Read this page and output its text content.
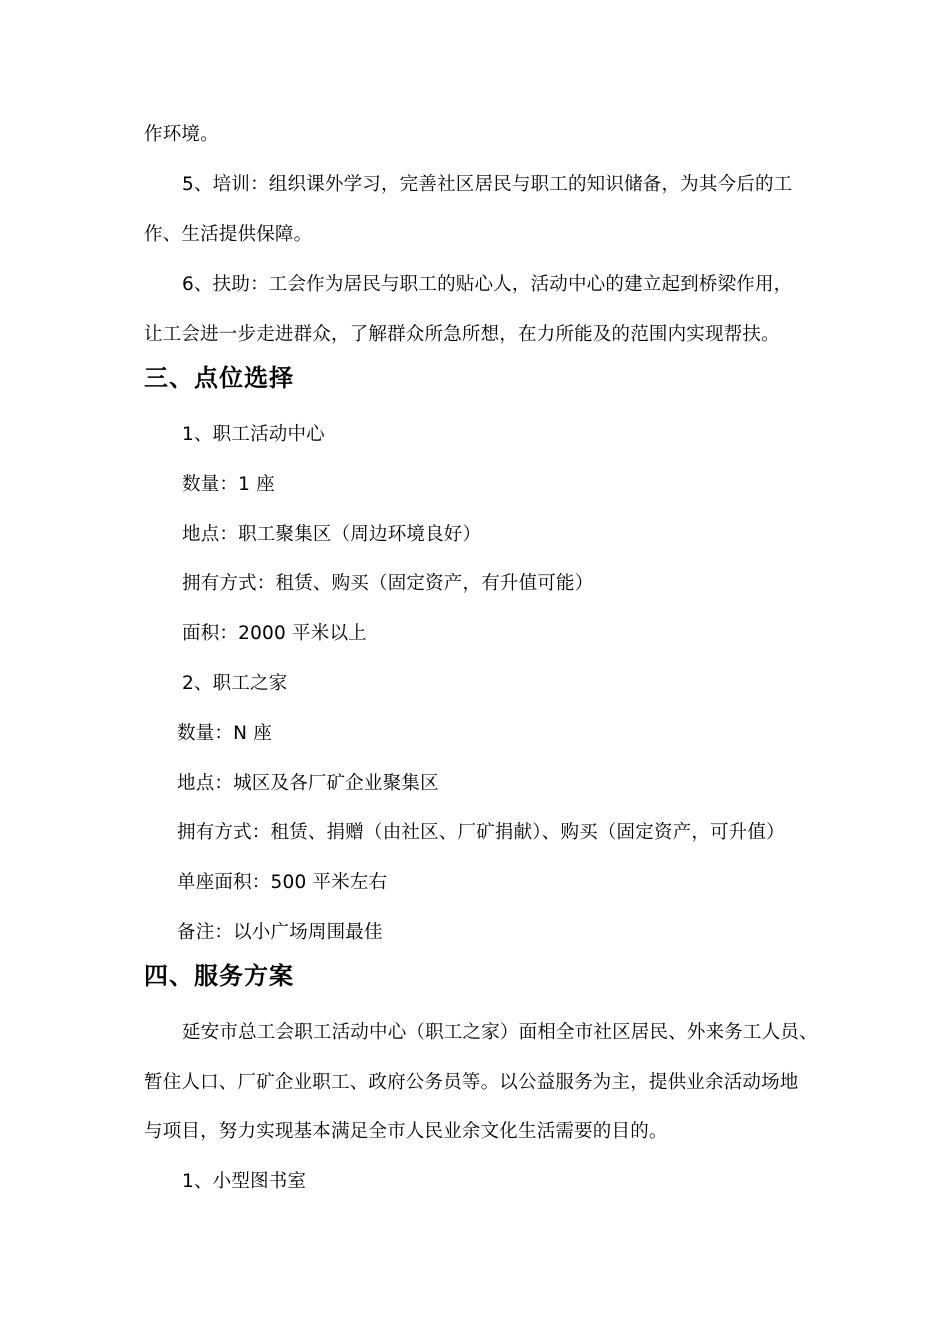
作环境。
5、培训：组织课外学习，完善社区居民与职工的知识储备，为其今后的工
作、生活提供保障。
6、扶助：工会作为居民与职工的贴心人，活动中心的建立起到桥梁作用，
让工会进一步走进群众，了解群众所急所想，在力所能及的范围内实现帮扶。
三、点位选择
1、职工活动中心
数量：1 座
地点：职工聚集区（周边环境良好）
拥有方式：租赁、购买（固定资产，有升值可能）
面积：2000 平米以上
2、职工之家
数量：N 座
地点：城区及各厂矿企业聚集区
拥有方式：租赁、捐赠（由社区、厂矿捐献）、购买（固定资产，可升值）
单座面积：500 平米左右
备注：以小广场周围最佳
四、服务方案
延安市总工会职工活动中心（职工之家）面相全市社区居民、外来务工人员、
暂住人口、厂矿企业职工、政府公务员等。以公益服务为主，提供业余活动场地
与项目，努力实现基本满足全市人民业余文化生活需要的目的。
1、小型图书室
